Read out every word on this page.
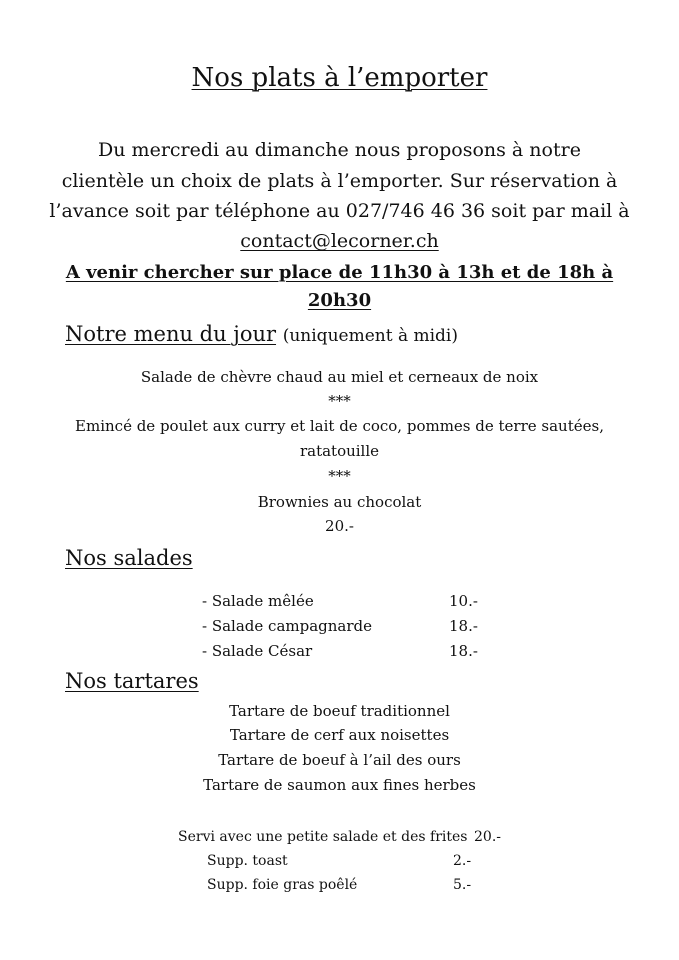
Nos plats à l’emporter
Du mercredi au dimanche nous proposons à notre
clientèle un choix de plats à l’emporter. Sur réservation à
l’avance soit par téléphone au 027/746 46 36 soit par mail à
contact@lecorner.ch
A venir chercher sur place de 11h30 à 13h et de 18h à
20h30
Notre menu du jour (uniquement à midi)
Salade de chèvre chaud au miel et cerneaux de noix
***
Emincé de poulet aux curry et lait de coco, pommes de terre sautées,
ratatouille
***
Brownies au chocolat
20.-
Nos salades
- Salade mêlée	10.-
- Salade campagnarde	18.-
- Salade César	18.-
Nos tartares
Tartare de boeuf traditionnel
Tartare de cerf aux noisettes
Tartare de boeuf à l’ail des ours
Tartare de saumon aux fines herbes
Servi avec une petite salade et des frites 20.-
Supp. toast	2.-
Supp. foie gras poêlé	5.-
